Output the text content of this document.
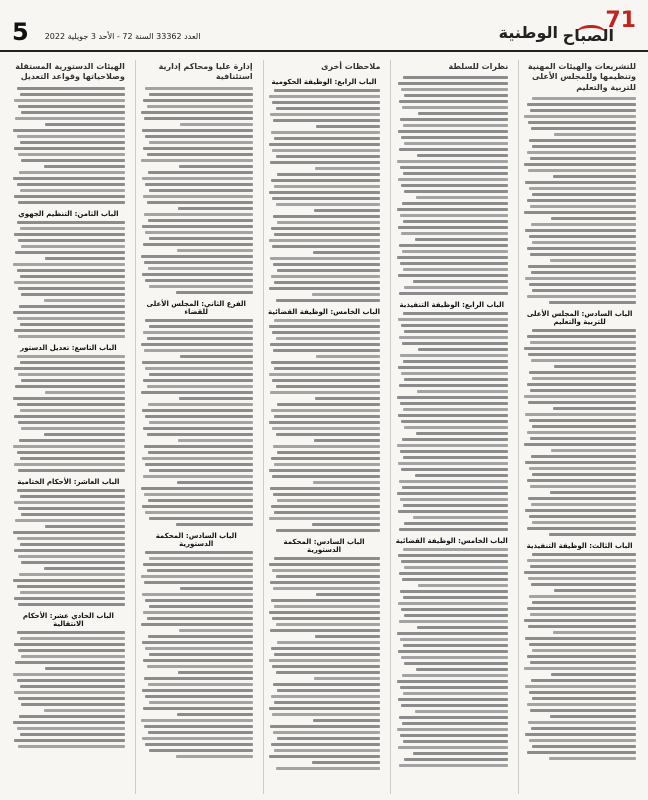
5 العدد 33362 السنة 72 - الأحد 3 جويلية 2022	الوطنية الصباح
71
للتشريعات والهيئات المهنية وتنظيمها وللمجلس الأعلى للتربية والتعليم
الباب السادس: المجلس الأعلى للتربية والتعليم
الباب الثالث: الوظيفة التنفيذية
نظرات للسلطة
الباب الرابع: الوظيفة التنفيذية
الباب الخامس: الوظيفة القضائية
ملاحظات أخرى
الباب الرابع: الوظيفة الحكومية
الباب الخامس: الوظيفة القضائية
الباب السادس: المحكمة الدستورية
إدارة عليا ومحاكم إدارية استئنافية
الفرع الثاني: المجلس الأعلى للقضاء
الباب السادس: المحكمة الدستورية
الهيئات الدستورية المستقلة وصلاحياتها وقواعد التعديل
الباب الثامن: التنظيم الجهوي
الباب التاسع: تعديل الدستور
الباب العاشر: الأحكام الختامية
الباب الحادي عشر: الأحكام الانتقالية
